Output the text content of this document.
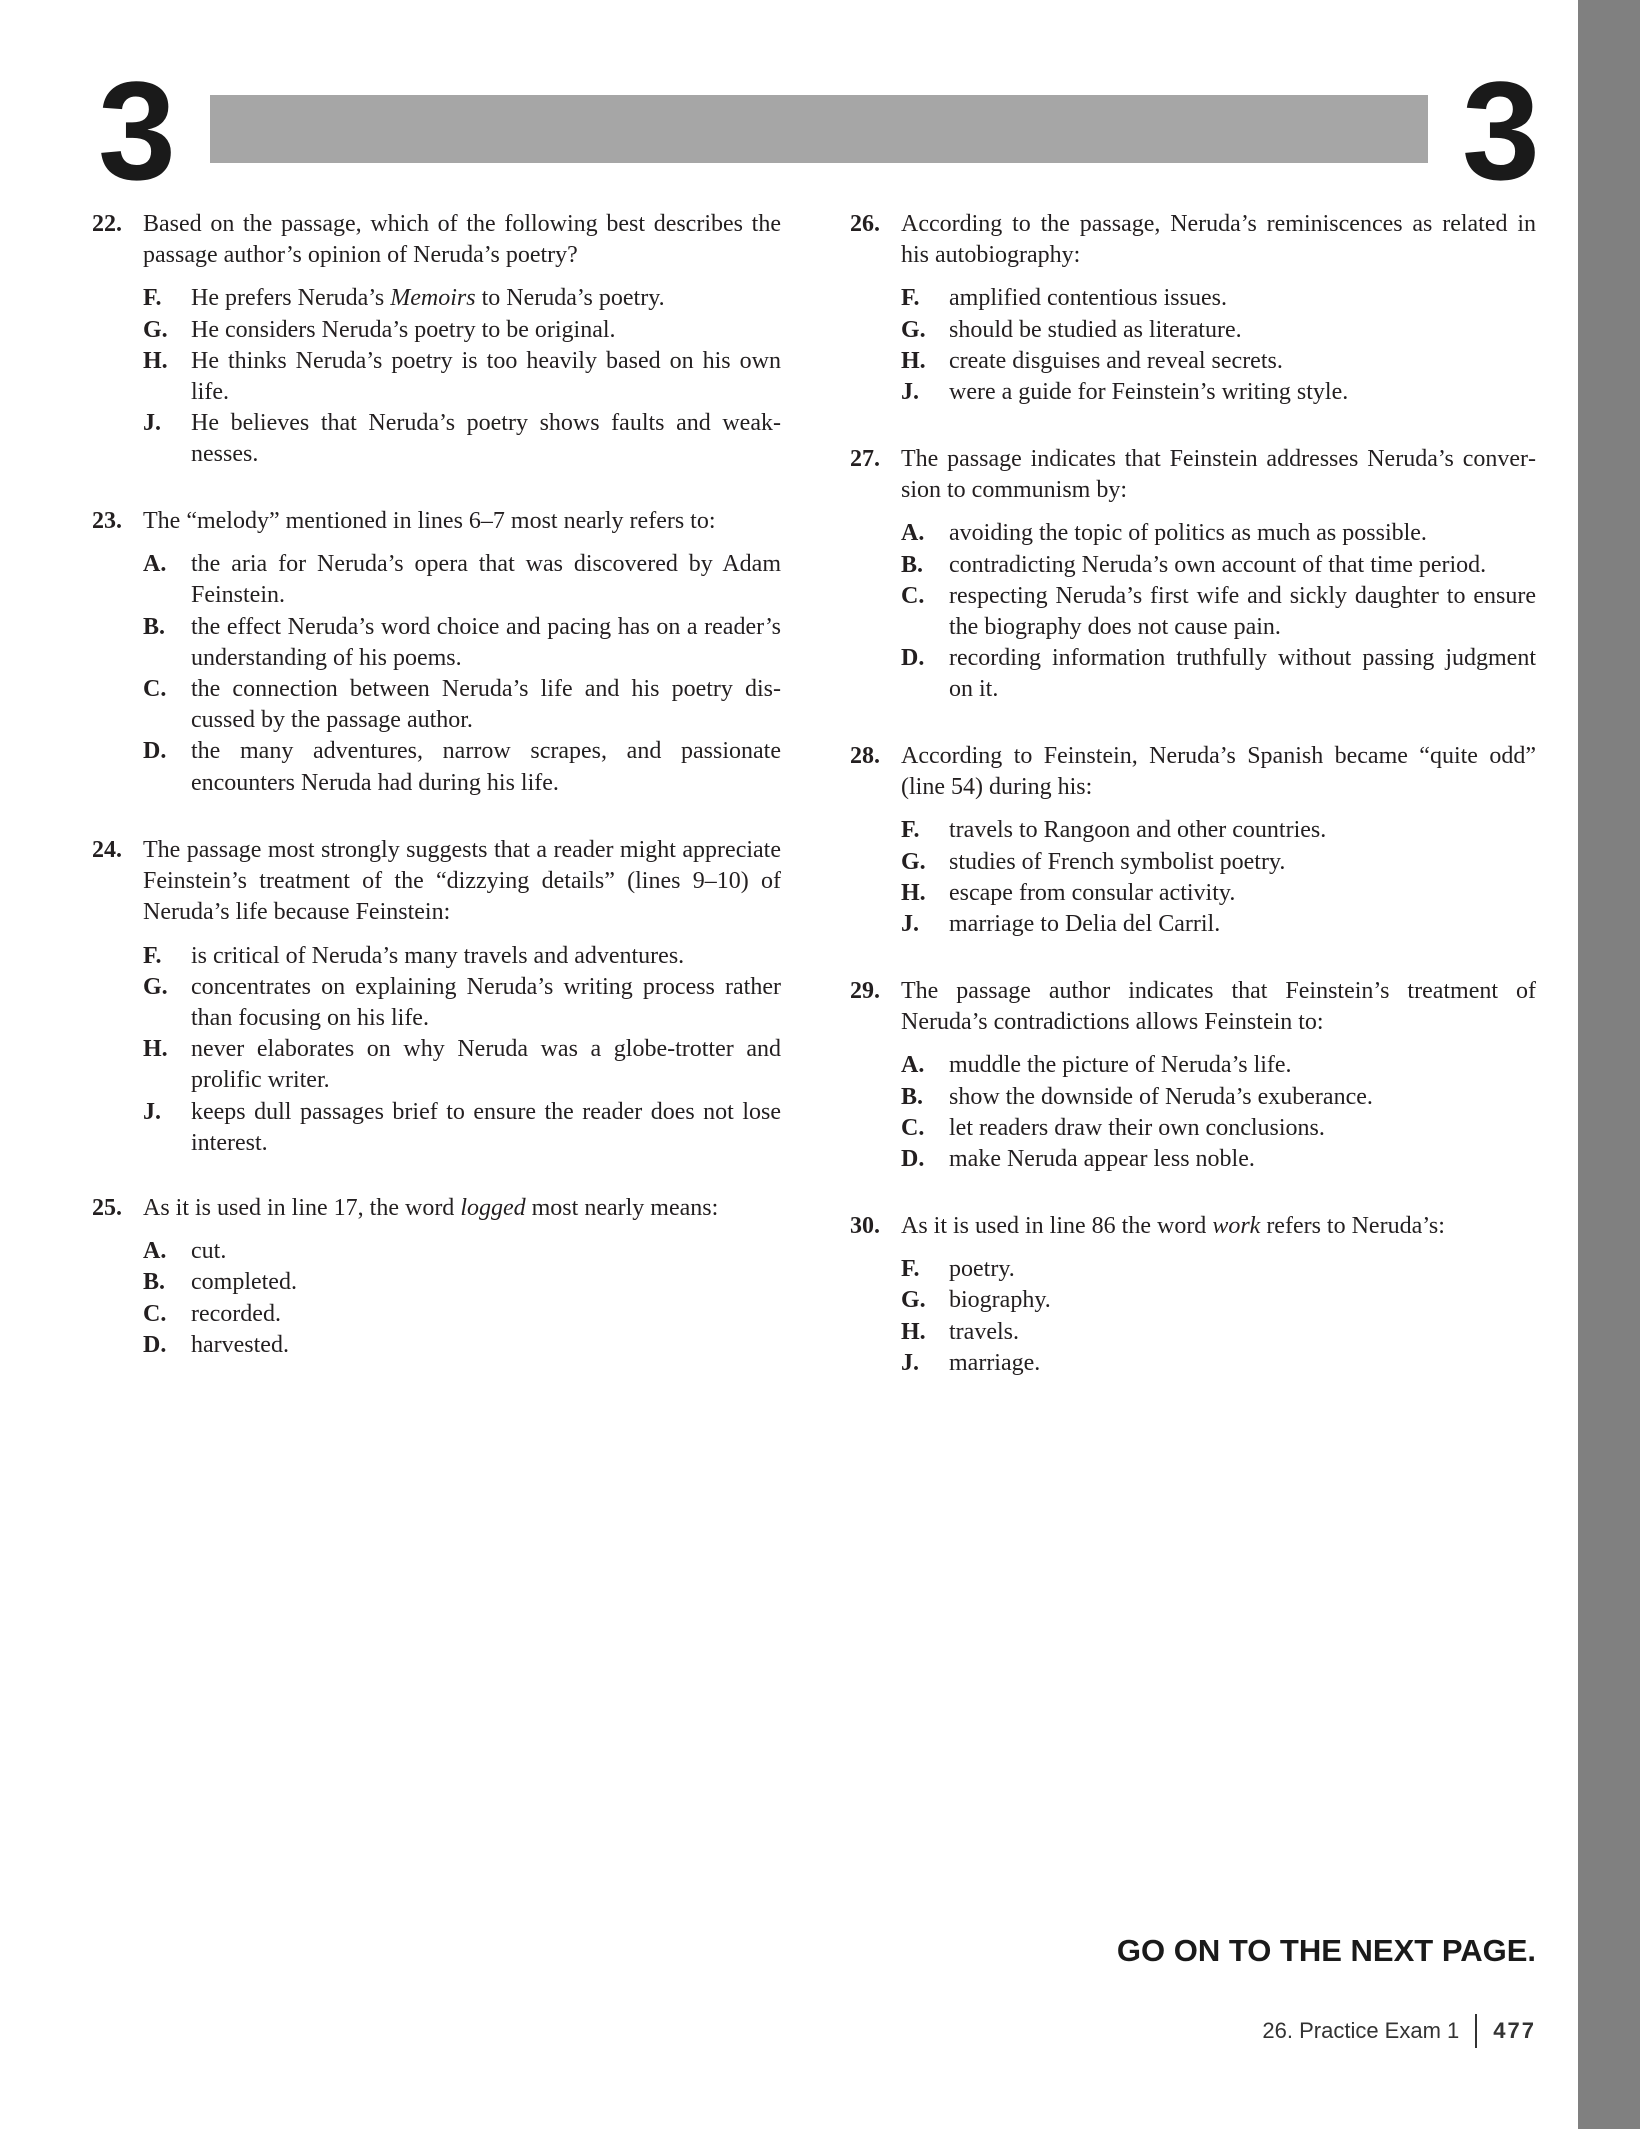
3	3
22. Based on the passage, which of the following best describes the passage author’s opinion of Neruda’s poetry?
F. He prefers Neruda’s Memoirs to Neruda’s poetry.
G. He considers Neruda’s poetry to be original.
H. He thinks Neruda’s poetry is too heavily based on his own life.
J. He believes that Neruda’s poetry shows faults and weaknesses.
23. The “melody” mentioned in lines 6–7 most nearly refers to:
A. the aria for Neruda’s opera that was discovered by Adam Feinstein.
B. the effect Neruda’s word choice and pacing has on a reader’s understanding of his poems.
C. the connection between Neruda’s life and his poetry discussed by the passage author.
D. the many adventures, narrow scrapes, and passionate encounters Neruda had during his life.
24. The passage most strongly suggests that a reader might appreciate Feinstein’s treatment of the “dizzying details” (lines 9–10) of Neruda’s life because Feinstein:
F. is critical of Neruda’s many travels and adventures.
G. concentrates on explaining Neruda’s writing process rather than focusing on his life.
H. never elaborates on why Neruda was a globe-trotter and prolific writer.
J. keeps dull passages brief to ensure the reader does not lose interest.
25. As it is used in line 17, the word logged most nearly means:
A. cut.
B. completed.
C. recorded.
D. harvested.
26. According to the passage, Neruda’s reminiscences as related in his autobiography:
F. amplified contentious issues.
G. should be studied as literature.
H. create disguises and reveal secrets.
J. were a guide for Feinstein’s writing style.
27. The passage indicates that Feinstein addresses Neruda’s conversion to communism by:
A. avoiding the topic of politics as much as possible.
B. contradicting Neruda’s own account of that time period.
C. respecting Neruda’s first wife and sickly daughter to ensure the biography does not cause pain.
D. recording information truthfully without passing judgment on it.
28. According to Feinstein, Neruda’s Spanish became “quite odd” (line 54) during his:
F. travels to Rangoon and other countries.
G. studies of French symbolist poetry.
H. escape from consular activity.
J. marriage to Delia del Carril.
29. The passage author indicates that Feinstein’s treatment of Neruda’s contradictions allows Feinstein to:
A. muddle the picture of Neruda’s life.
B. show the downside of Neruda’s exuberance.
C. let readers draw their own conclusions.
D. make Neruda appear less noble.
30. As it is used in line 86 the word work refers to Neruda’s:
F. poetry.
G. biography.
H. travels.
J. marriage.
GO ON TO THE NEXT PAGE.
26. Practice Exam 1 477
